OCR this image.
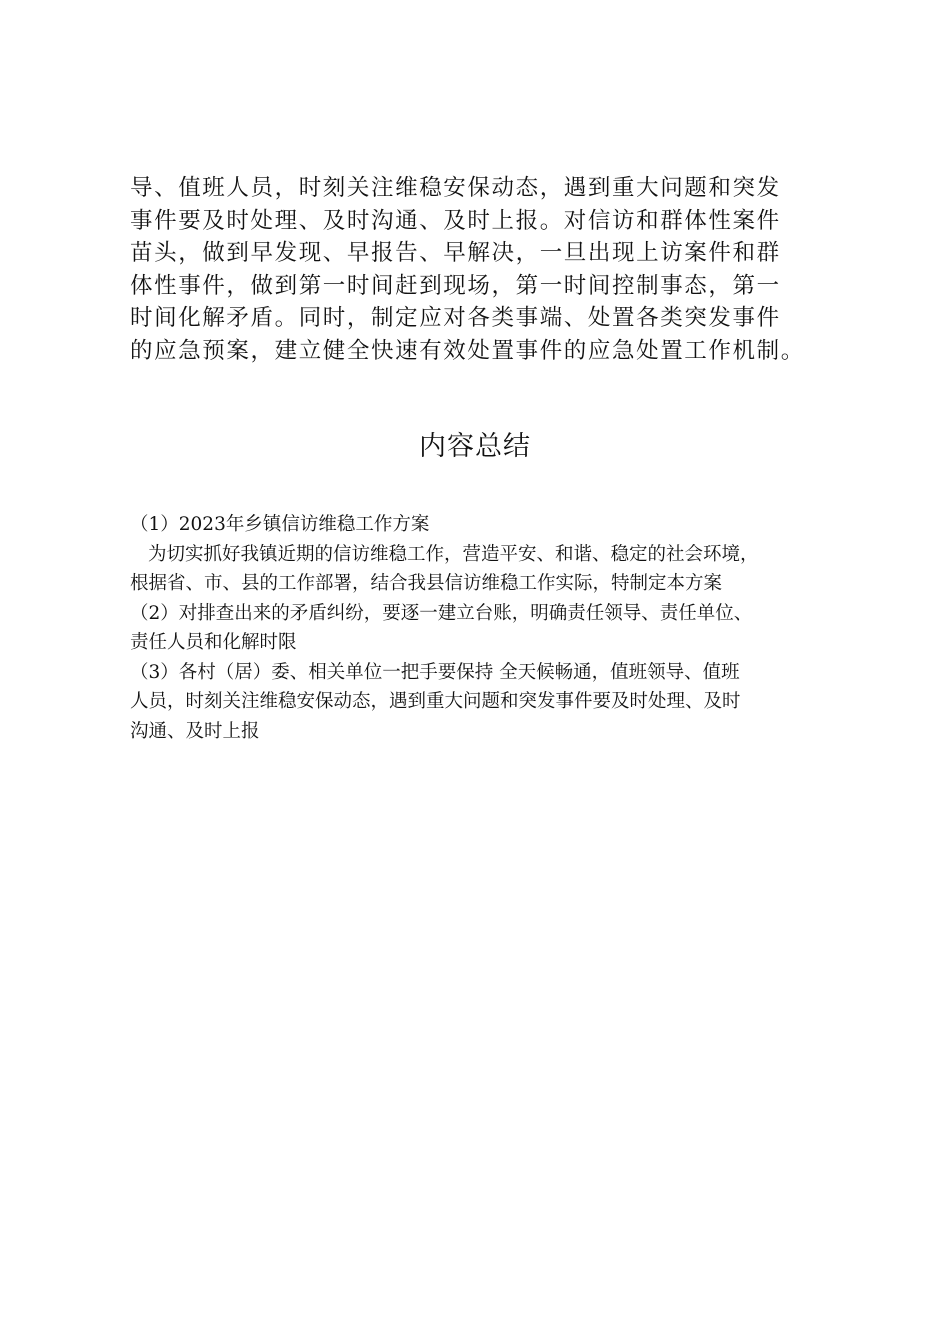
导、值班人员，时刻关注维稳安保动态，遇到重大问题和突发
事件要及时处理、及时沟通、及时上报。对信访和群体性案件
苗头，做到早发现、早报告、早解决，一旦出现上访案件和群
体性事件，做到第一时间赶到现场，第一时间控制事态，第一
时间化解矛盾。同时，制定应对各类事端、处置各类突发事件
的应急预案，建立健全快速有效处置事件的应急处置工作机制。
内容总结
（1）2023年乡镇信访维稳工作方案
为切实抓好我镇近期的信访维稳工作，营造平安、和谐、稳定的社会环境，
根据省、市、县的工作部署，结合我县信访维稳工作实际，特制定本方案
（2）对排查出来的矛盾纠纷，要逐一建立台账，明确责任领导、责任单位、
责任人员和化解时限
（3）各村（居）委、相关单位一把手要保持 全天候畅通，值班领导、值班
人员，时刻关注维稳安保动态，遇到重大问题和突发事件要及时处理、及时
沟通、及时上报
